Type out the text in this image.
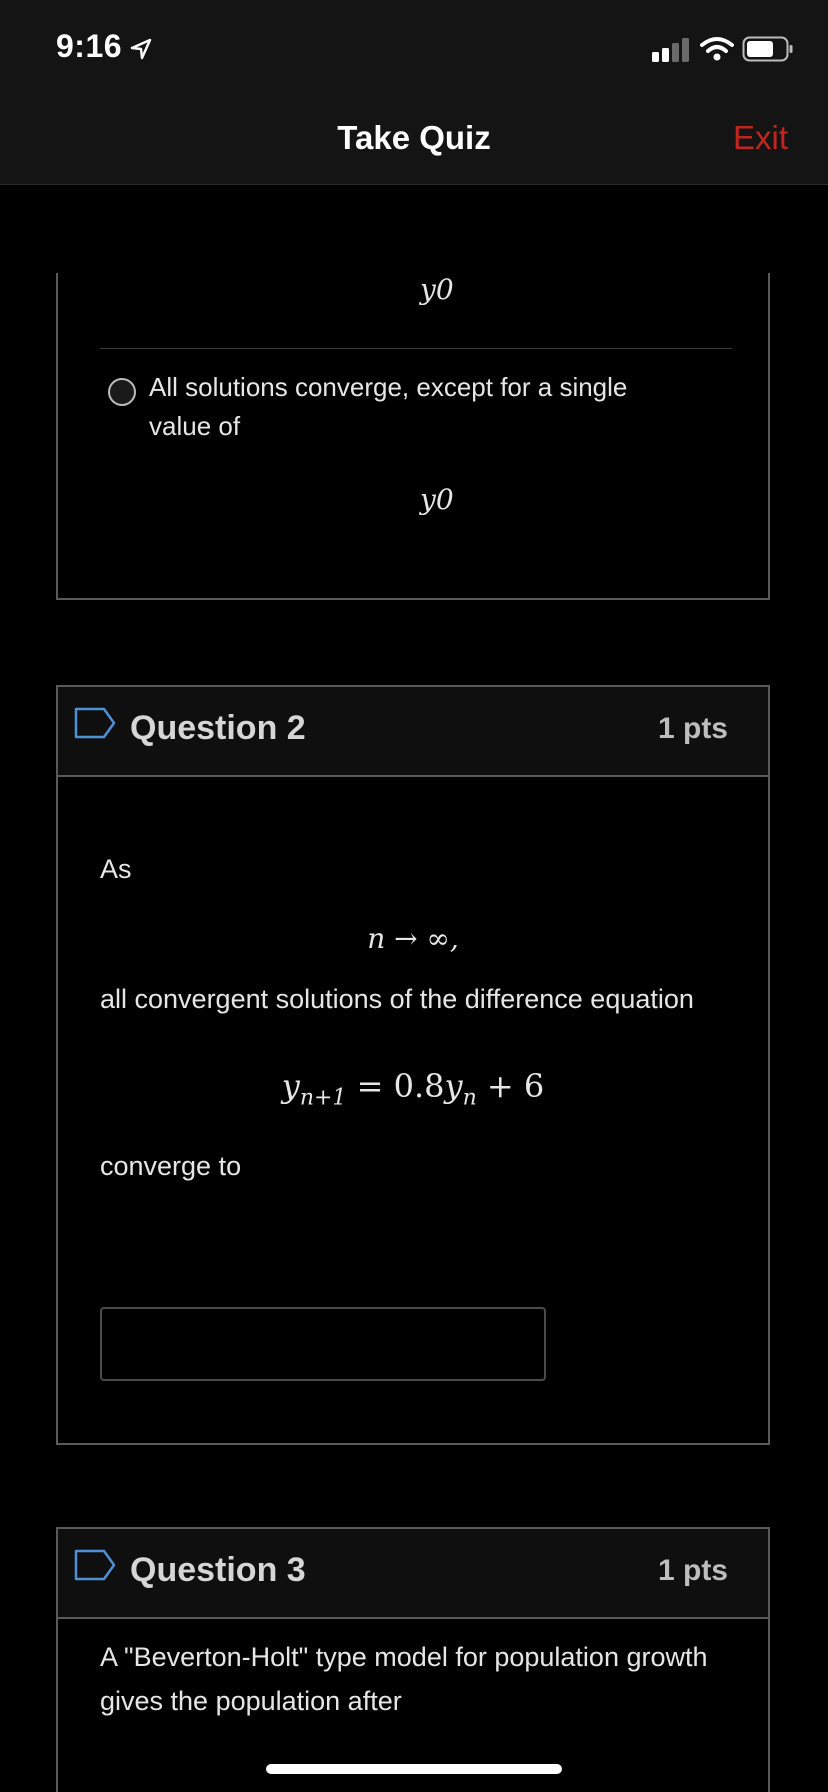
9:16
Take Quiz	Exit
y0
All solutions converge, except for a single value of
y0
Question 2	1 pts
As
n → ∞,
all convergent solutions of the difference equation
$y_{n+1} = 0.8y_n + 6$
converge to
Question 3	1 pts
A "Beverton-Holt" type model for population growth gives the population after
